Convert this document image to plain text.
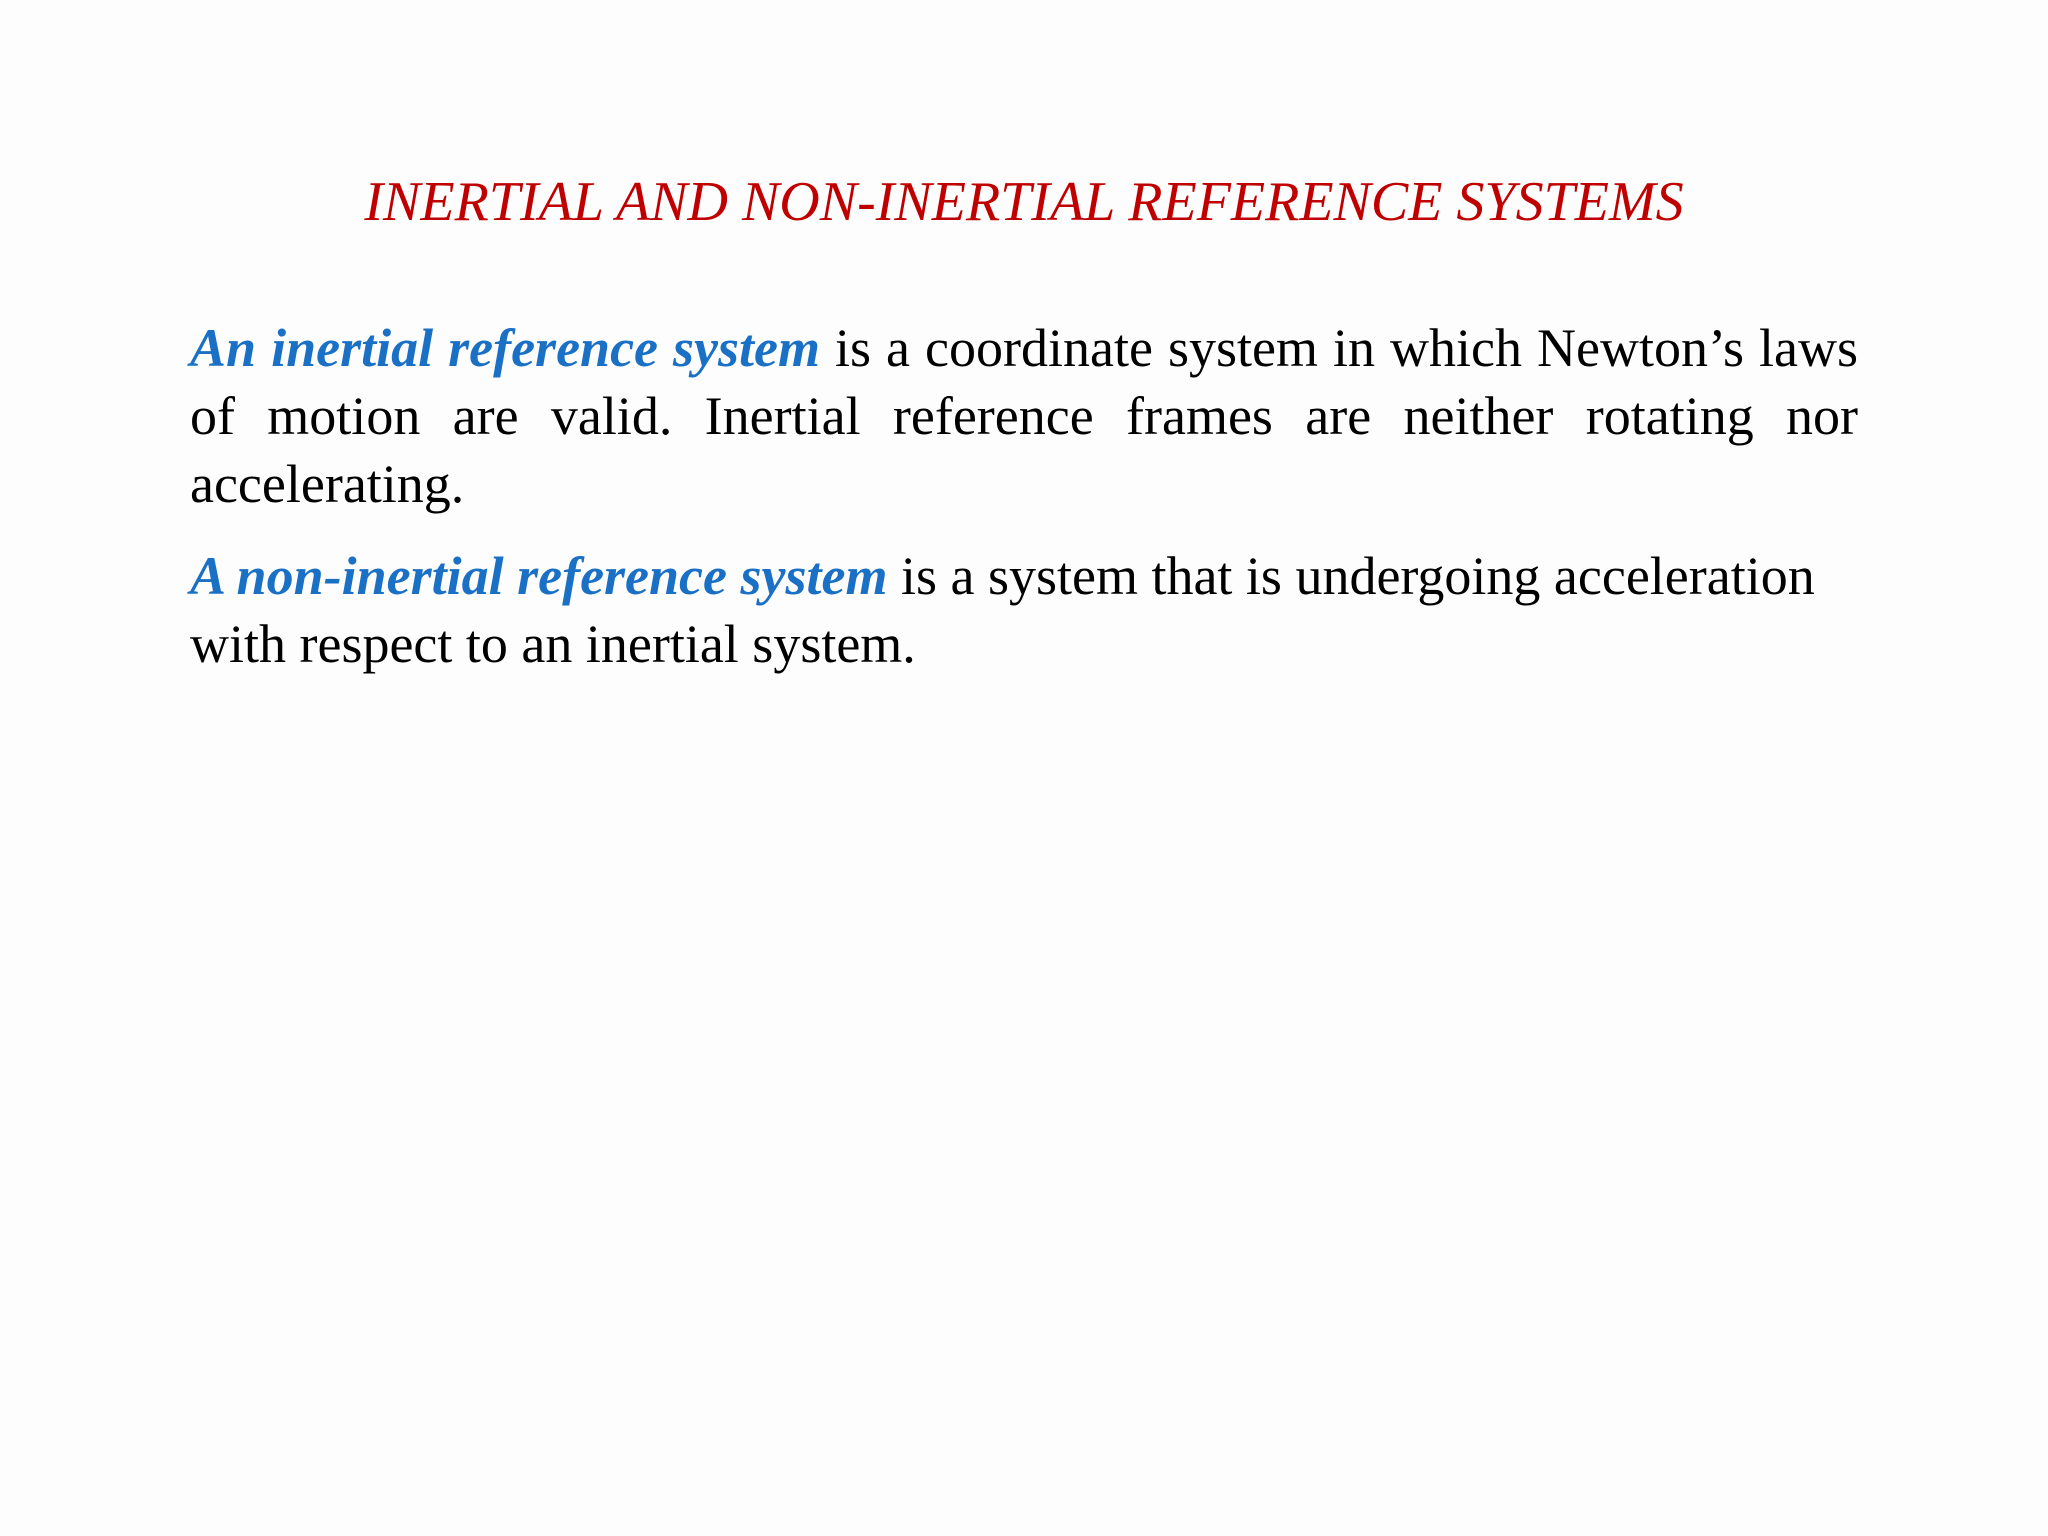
INERTIAL AND NON-INERTIAL REFERENCE SYSTEMS

An inertial reference system is a coordinate system in which Newton’s laws of motion are valid. Inertial reference frames are neither rotating nor accelerating.

A non-inertial reference system is a system that is undergoing acceleration with respect to an inertial system.
